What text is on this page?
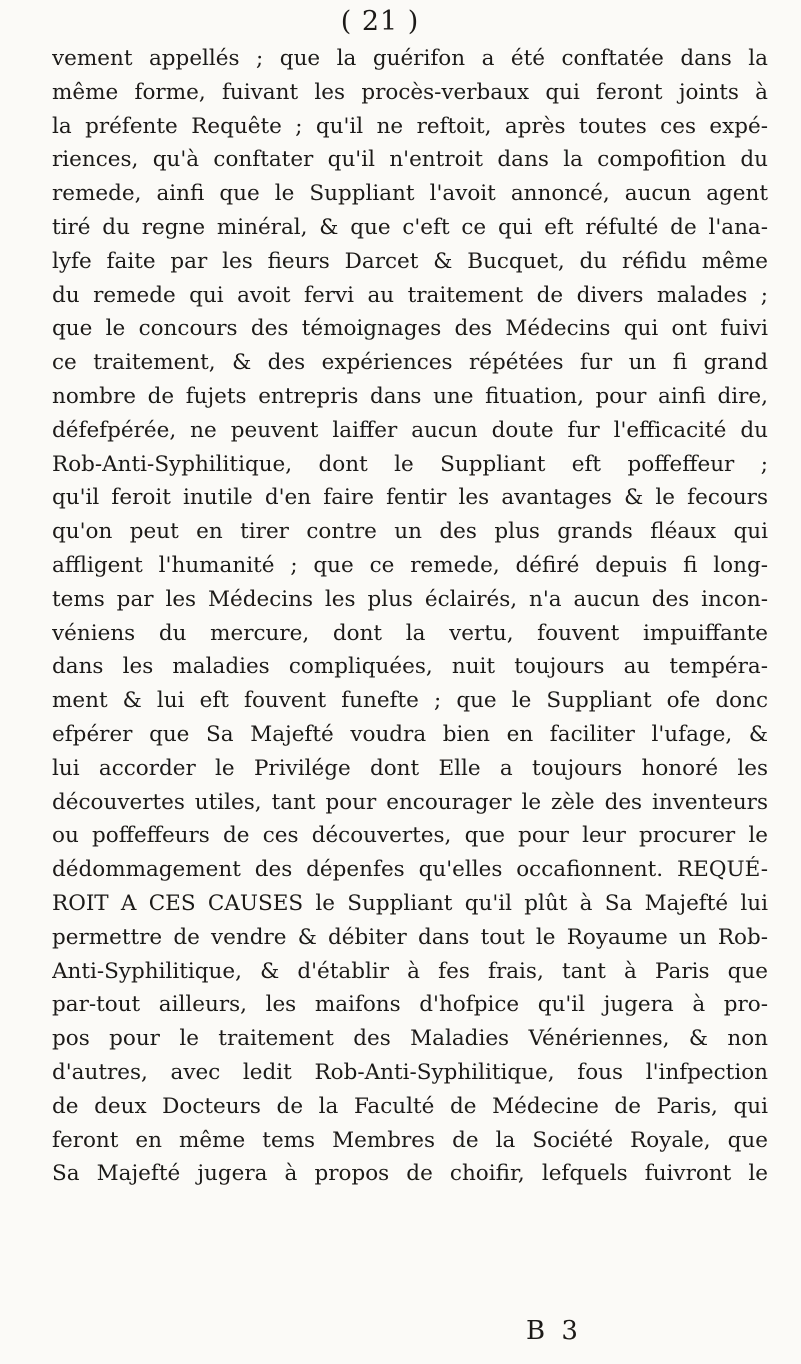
( 21 )
vement appellés ; que la guérifon a été conftatée dans la
même forme, fuivant les procès-verbaux qui feront joints à
la préfente Requête ; qu'il ne reftoit, après toutes ces expé-
riences, qu'à conftater qu'il n'entroit dans la compofition du
remede, ainfi que le Suppliant l'avoit annoncé, aucun agent
tiré du regne minéral, & que c'eft ce qui eft réfulté de l'ana-
lyfe faite par les fieurs Darcet & Bucquet, du réfidu même
du remede qui avoit fervi au traitement de divers malades ;
que le concours des témoignages des Médecins qui ont fuivi
ce traitement, & des expériences répétées fur un fi grand
nombre de fujets entrepris dans une fituation, pour ainfi dire,
défefpérée, ne peuvent laiffer aucun doute fur l'efficacité du
Rob-Anti-Syphilitique, dont le Suppliant eft poffeffeur ;
qu'il feroit inutile d'en faire fentir les avantages & le fecours
qu'on peut en tirer contre un des plus grands fléaux qui
affligent l'humanité ; que ce remede, défiré depuis fi long-
tems par les Médecins les plus éclairés, n'a aucun des incon-
véniens du mercure, dont la vertu, fouvent impuiffante
dans les maladies compliquées, nuit toujours au tempéra-
ment & lui eft fouvent funefte ; que le Suppliant ofe donc
efpérer que Sa Majefté voudra bien en faciliter l'ufage, &
lui accorder le Privilége dont Elle a toujours honoré les
découvertes utiles, tant pour encourager le zèle des inventeurs
ou poffeffeurs de ces découvertes, que pour leur procurer le
dédommagement des dépenfes qu'elles occafionnent. REQUÉ-
ROIT A CES CAUSES le Suppliant qu'il plût à Sa Majefté lui
permettre de vendre & débiter dans tout le Royaume un Rob-
Anti-Syphilitique, & d'établir à fes frais, tant à Paris que
par-tout ailleurs, les maifons d'hofpice qu'il jugera à pro-
pos pour le traitement des Maladies Vénériennes, & non
d'autres, avec ledit Rob-Anti-Syphilitique, fous l'infpection
de deux Docteurs de la Faculté de Médecine de Paris, qui
feront en même tems Membres de la Société Royale, que
Sa Majefté jugera à propos de choifir, lefquels fuivront le
B 3
